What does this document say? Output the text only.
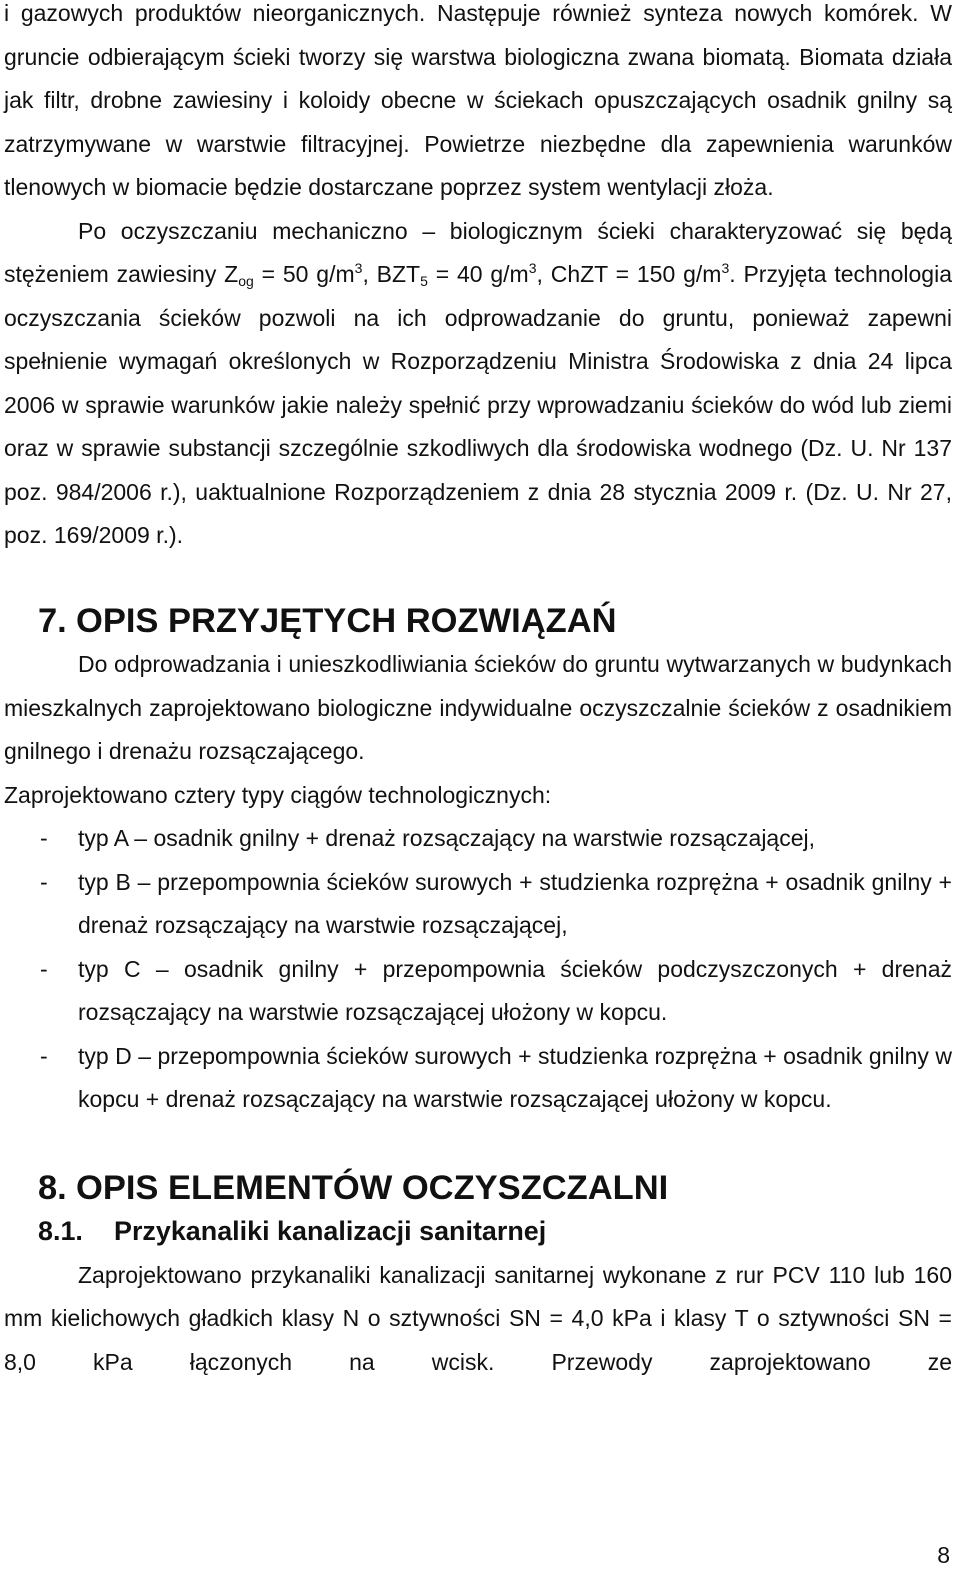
i gazowych produktów nieorganicznych. Następuje również synteza nowych komórek. W gruncie odbierającym ścieki tworzy się warstwa biologiczna zwana biomatą. Biomata działa jak filtr, drobne zawiesiny i koloidy obecne w ściekach opuszczających osadnik gnilny są zatrzymywane w warstwie filtracyjnej. Powietrze niezbędne dla zapewnienia warunków tlenowych w biomacie będzie dostarczane poprzez system wentylacji złoża.

Po oczyszczaniu mechaniczno – biologicznym ścieki charakteryzować się będą stężeniem zawiesiny $Z_{og} = 50$ $g/m^3$, $BZT_5 = 40$ $g/m^3$, ChZT = 150 $g/m^3$. Przyjęta technologia oczyszczania ścieków pozwoli na ich odprowadzanie do gruntu, ponieważ zapewni spełnienie wymagań określonych w Rozporządzeniu Ministra Środowiska z dnia 24 lipca 2006 w sprawie warunków jakie należy spełnić przy wprowadzaniu ścieków do wód lub ziemi oraz w sprawie substancji szczególnie szkodliwych dla środowiska wodnego (Dz. U. Nr 137 poz. 984/2006 r.), uaktualnione Rozporządzeniem z dnia 28 stycznia 2009 r. (Dz. U. Nr 27, poz. 169/2009 r.).

7. OPIS PRZYJĘTYCH ROZWIĄZAŃ

Do odprowadzania i unieszkodliwiania ścieków do gruntu wytwarzanych w budynkach mieszkalnych zaprojektowano biologiczne indywidualne oczyszczalnie ścieków z osadnikiem gnilnego i drenażu rozsączającego.

Zaprojektowano cztery typy ciągów technologicznych:

- typ A – osadnik gnilny + drenaż rozsączający na warstwie rozsączającej,
- typ B – przepompownia ścieków surowych + studzienka rozprężna + osadnik gnilny + drenaż rozsączający na warstwie rozsączającej,
- typ C – osadnik gnilny + przepompownia ścieków podczyszczonych + drenaż rozsączający na warstwie rozsączającej ułożony w kopcu.
- typ D – przepompownia ścieków surowych + studzienka rozprężna + osadnik gnilny w kopcu + drenaż rozsączający na warstwie rozsączającej ułożony w kopcu.
8. OPIS ELEMENTÓW OCZYSZCZALNI
8.1.	Przykanaliki kanalizacji sanitarnej

Zaprojektowano przykanaliki kanalizacji sanitarnej wykonane z rur PCV 110 lub 160 mm kielichowych gładkich klasy N o sztywności SN = 4,0 kPa i klasy T o sztywności SN = 8,0 kPa łączonych na wcisk. Przewody zaprojektowano ze

8
